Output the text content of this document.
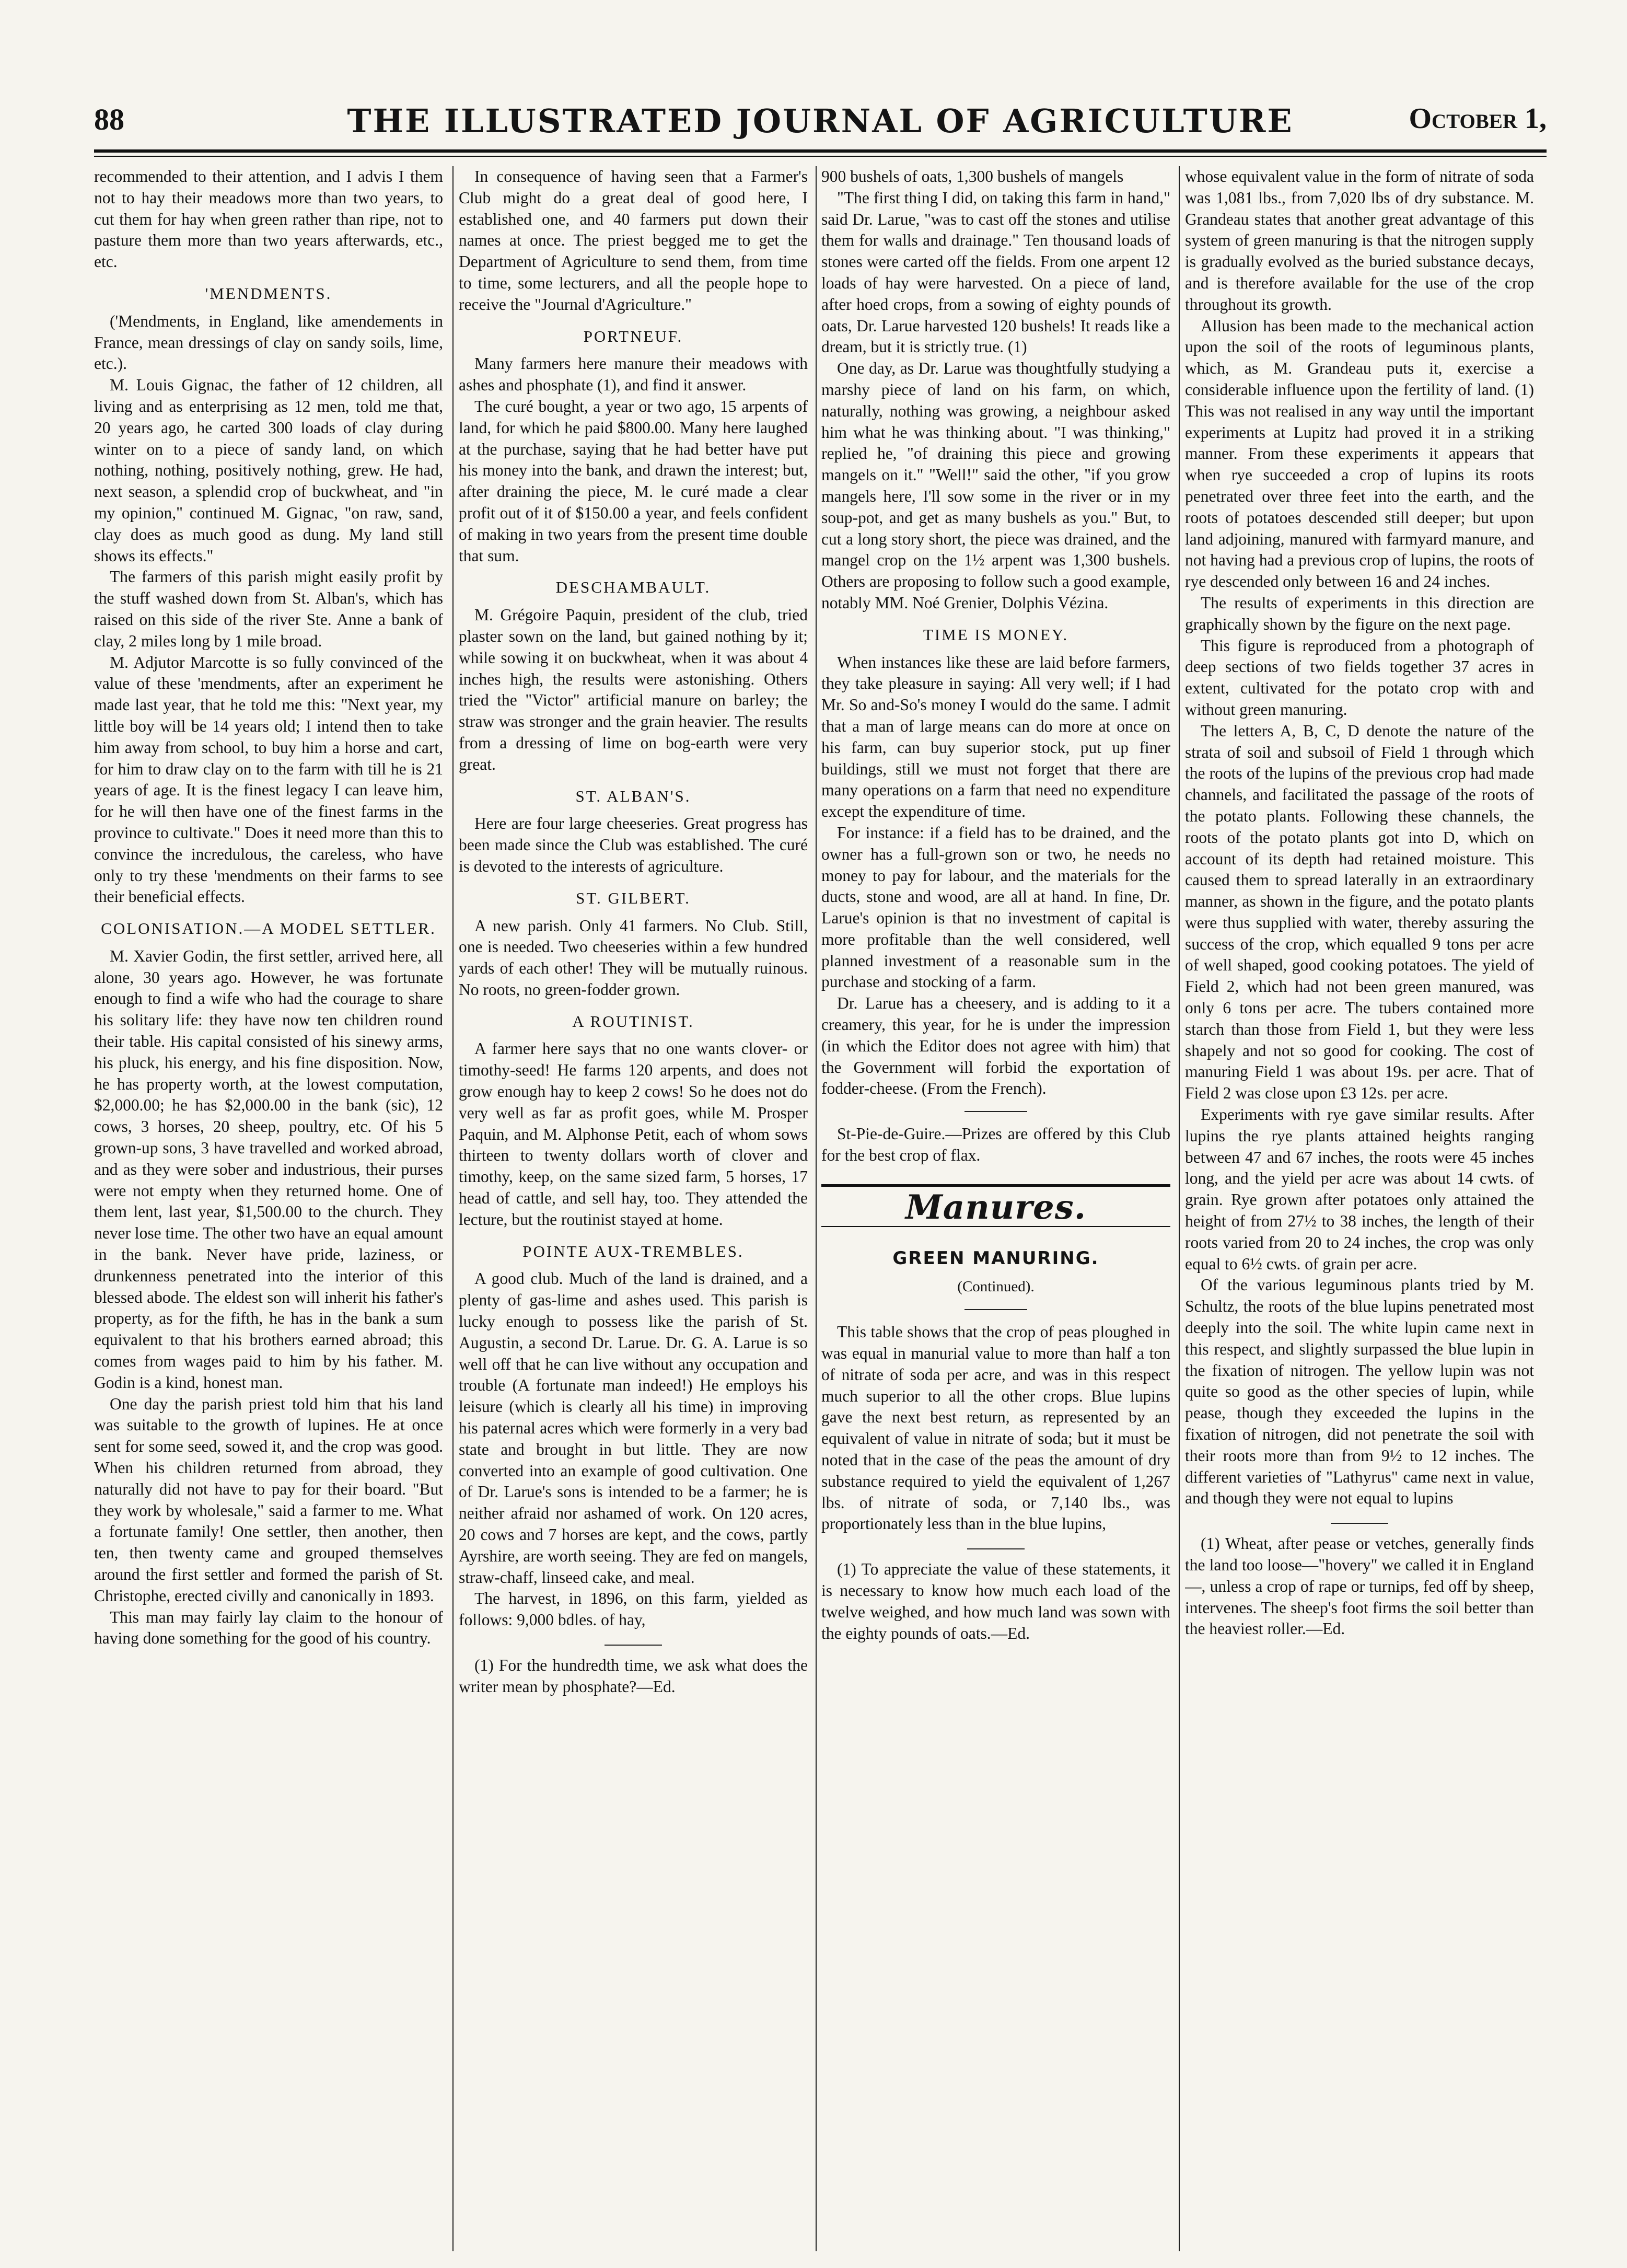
88	THE ILLUSTRATED JOURNAL OF AGRICULTURE	October 1,

recommended to their attention, and I advis I them not to hay their meadows more than two years, to cut them for hay when green rather than ripe, not to pasture them more than two years afterwards, etc., etc.

'MENDMENTS.

('Mendments, in England, like amendements in France, mean dressings of clay on sandy soils, lime, etc.).

M. Louis Gignac, the father of 12 children, all living and as enterprising as 12 men, told me that, 20 years ago, he carted 300 loads of clay during winter on to a piece of sandy land, on which nothing, nothing, positively nothing, grew. He had, next season, a splendid crop of buckwheat, and "in my opinion," continued M. Gignac, "on raw, sand, clay does as much good as dung. My land still shows its effects."

The farmers of this parish might easily profit by the stuff washed down from St. Alban's, which has raised on this side of the river Ste. Anne a bank of clay, 2 miles long by 1 mile broad.

M. Adjutor Marcotte is so fully convinced of the value of these 'mendments, after an experiment he made last year, that he told me this: "Next year, my little boy will be 14 years old; I intend then to take him away from school, to buy him a horse and cart, for him to draw clay on to the farm with till he is 21 years of age. It is the finest legacy I can leave him, for he will then have one of the finest farms in the province to cultivate." Does it need more than this to convince the incredulous, the careless, who have only to try these 'mendments on their farms to see their beneficial effects.

COLONISATION.—A MODEL SETTLER.

M. Xavier Godin, the first settler, arrived here, all alone, 30 years ago. However, he was fortunate enough to find a wife who had the courage to share his solitary life: they have now ten children round their table. His capital consisted of his sinewy arms, his pluck, his energy, and his fine disposition. Now, he has property worth, at the lowest computation, $2,000.00; he has $2,000.00 in the bank (sic), 12 cows, 3 horses, 20 sheep, poultry, etc. Of his 5 grown-up sons, 3 have travelled and worked abroad, and as they were sober and industrious, their purses were not empty when they returned home. One of them lent, last year, $1,500.00 to the church. They never lose time. The other two have an equal amount in the bank. Never have pride, laziness, or drunkenness penetrated into the interior of this blessed abode. The eldest son will inherit his father's property, as for the fifth, he has in the bank a sum equivalent to that his brothers earned abroad; this comes from wages paid to him by his father. M. Godin is a kind, honest man.

One day the parish priest told him that his land was suitable to the growth of lupines. He at once sent for some seed, sowed it, and the crop was good. When his children returned from abroad, they naturally did not have to pay for their board. "But they work by wholesale," said a farmer to me. What a fortunate family! One settler, then another, then ten, then twenty came and grouped themselves around the first settler and formed the parish of St. Christophe, erected civilly and canonically in 1893.

This man may fairly lay claim to the honour of having done something for the good of his country.

In consequence of having seen that a Farmer's Club might do a great deal of good here, I established one, and 40 farmers put down their names at once. The priest begged me to get the Department of Agriculture to send them, from time to time, some lecturers, and all the people hope to receive the "Journal d'Agriculture."

PORTNEUF.

Many farmers here manure their meadows with ashes and phosphate (1), and find it answer.

The curé bought, a year or two ago, 15 arpents of land, for which he paid $800.00. Many here laughed at the purchase, saying that he had better have put his money into the bank, and drawn the interest; but, after draining the piece, M. le curé made a clear profit out of it of $150.00 a year, and feels confident of making in two years from the present time double that sum.

DESCHAMBAULT.

M. Grégoire Paquin, president of the club, tried plaster sown on the land, but gained nothing by it; while sowing it on buckwheat, when it was about 4 inches high, the results were astonishing. Others tried the "Victor" artificial manure on barley; the straw was stronger and the grain heavier. The results from a dressing of lime on bog-earth were very great.

ST. ALBAN'S.

Here are four large cheeseries. Great progress has been made since the Club was established. The curé is devoted to the interests of agriculture.

ST. GILBERT.

A new parish. Only 41 farmers. No Club. Still, one is needed. Two cheeseries within a few hundred yards of each other! They will be mutually ruinous. No roots, no green-fodder grown.

A ROUTINIST.

A farmer here says that no one wants clover- or timothy-seed! He farms 120 arpents, and does not grow enough hay to keep 2 cows! So he does not do very well as far as profit goes, while M. Prosper Paquin, and M. Alphonse Petit, each of whom sows thirteen to twenty dollars worth of clover and timothy, keep, on the same sized farm, 5 horses, 17 head of cattle, and sell hay, too. They attended the lecture, but the routinist stayed at home.

POINTE AUX-TREMBLES.

A good club. Much of the land is drained, and a plenty of gas-lime and ashes used. This parish is lucky enough to possess like the parish of St. Augustin, a second Dr. Larue. Dr. G. A. Larue is so well off that he can live without any occupation and trouble (A fortunate man indeed!) He employs his leisure (which is clearly all his time) in improving his paternal acres which were formerly in a very bad state and brought in but little. They are now converted into an example of good cultivation. One of Dr. Larue's sons is intended to be a farmer; he is neither afraid nor ashamed of work. On 120 acres, 20 cows and 7 horses are kept, and the cows, partly Ayrshire, are worth seeing. They are fed on mangels, straw-chaff, linseed cake, and meal.

The harvest, in 1896, on this farm, yielded as follows: 9,000 bdles. of hay,

(1) For the hundredth time, we ask what does the writer mean by phosphate?—Ed.

900 bushels of oats, 1,300 bushels of mangels

"The first thing I did, on taking this farm in hand," said Dr. Larue, "was to cast off the stones and utilise them for walls and drainage." Ten thousand loads of stones were carted off the fields. From one arpent 12 loads of hay were harvested. On a piece of land, after hoed crops, from a sowing of eighty pounds of oats, Dr. Larue harvested 120 bushels! It reads like a dream, but it is strictly true. (1)

One day, as Dr. Larue was thoughtfully studying a marshy piece of land on his farm, on which, naturally, nothing was growing, a neighbour asked him what he was thinking about. "I was thinking," replied he, "of draining this piece and growing mangels on it." "Well!" said the other, "if you grow mangels here, I'll sow some in the river or in my soup-pot, and get as many bushels as you." But, to cut a long story short, the piece was drained, and the mangel crop on the 1½ arpent was 1,300 bushels. Others are proposing to follow such a good example, notably MM. Noé Grenier, Dolphis Vézina.

TIME IS MONEY.

When instances like these are laid before farmers, they take pleasure in saying: All very well; if I had Mr. So and-So's money I would do the same. I admit that a man of large means can do more at once on his farm, can buy superior stock, put up finer buildings, still we must not forget that there are many operations on a farm that need no expenditure except the expenditure of time.

For instance: if a field has to be drained, and the owner has a full-grown son or two, he needs no money to pay for labour, and the materials for the ducts, stone and wood, are all at hand. In fine, Dr. Larue's opinion is that no investment of capital is more profitable than the well considered, well planned investment of a reasonable sum in the purchase and stocking of a farm.

Dr. Larue has a cheesery, and is adding to it a creamery, this year, for he is under the impression (in which the Editor does not agree with him) that the Government will forbid the exportation of fodder-cheese. (From the French).

St-Pie-de-Guire.—Prizes are offered by this Club for the best crop of flax.

Manures.
GREEN MANURING.
(Continued).

This table shows that the crop of peas ploughed in was equal in manurial value to more than half a ton of nitrate of soda per acre, and was in this respect much superior to all the other crops. Blue lupins gave the next best return, as represented by an equivalent of value in nitrate of soda; but it must be noted that in the case of the peas the amount of dry substance required to yield the equivalent of 1,267 lbs. of nitrate of soda, or 7,140 lbs., was proportionately less than in the blue lupins,

(1) To appreciate the value of these statements, it is necessary to know how much each load of the twelve weighed, and how much land was sown with the eighty pounds of oats.—Ed.

whose equivalent value in the form of nitrate of soda was 1,081 lbs., from 7,020 lbs of dry substance. M. Grandeau states that another great advantage of this system of green manuring is that the nitrogen supply is gradually evolved as the buried substance decays, and is therefore available for the use of the crop throughout its growth.

Allusion has been made to the mechanical action upon the soil of the roots of leguminous plants, which, as M. Grandeau puts it, exercise a considerable influence upon the fertility of land. (1) This was not realised in any way until the important experiments at Lupitz had proved it in a striking manner. From these experiments it appears that when rye succeeded a crop of lupins its roots penetrated over three feet into the earth, and the roots of potatoes descended still deeper; but upon land adjoining, manured with farmyard manure, and not having had a previous crop of lupins, the roots of rye descended only between 16 and 24 inches.

The results of experiments in this direction are graphically shown by the figure on the next page.

This figure is reproduced from a photograph of deep sections of two fields together 37 acres in extent, cultivated for the potato crop with and without green manuring.

The letters A, B, C, D denote the nature of the strata of soil and subsoil of Field 1 through which the roots of the lupins of the previous crop had made channels, and facilitated the passage of the roots of the potato plants. Following these channels, the roots of the potato plants got into D, which on account of its depth had retained moisture. This caused them to spread laterally in an extraordinary manner, as shown in the figure, and the potato plants were thus supplied with water, thereby assuring the success of the crop, which equalled 9 tons per acre of well shaped, good cooking potatoes. The yield of Field 2, which had not been green manured, was only 6 tons per acre. The tubers contained more starch than those from Field 1, but they were less shapely and not so good for cooking. The cost of manuring Field 1 was about 19s. per acre. That of Field 2 was close upon £3 12s. per acre.

Experiments with rye gave similar results. After lupins the rye plants attained heights ranging between 47 and 67 inches, the roots were 45 inches long, and the yield per acre was about 14 cwts. of grain. Rye grown after potatoes only attained the height of from 27½ to 38 inches, the length of their roots varied from 20 to 24 inches, the crop was only equal to 6½ cwts. of grain per acre.

Of the various leguminous plants tried by M. Schultz, the roots of the blue lupins penetrated most deeply into the soil. The white lupin came next in this respect, and slightly surpassed the blue lupin in the fixation of nitrogen. The yellow lupin was not quite so good as the other species of lupin, while pease, though they exceeded the lupins in the fixation of nitrogen, did not penetrate the soil with their roots more than from 9½ to 12 inches. The different varieties of "Lathyrus" came next in value, and though they were not equal to lupins

(1) Wheat, after pease or vetches, generally finds the land too loose—"hovery" we called it in England—, unless a crop of rape or turnips, fed off by sheep, intervenes. The sheep's foot firms the soil better than the heaviest roller.—Ed.
